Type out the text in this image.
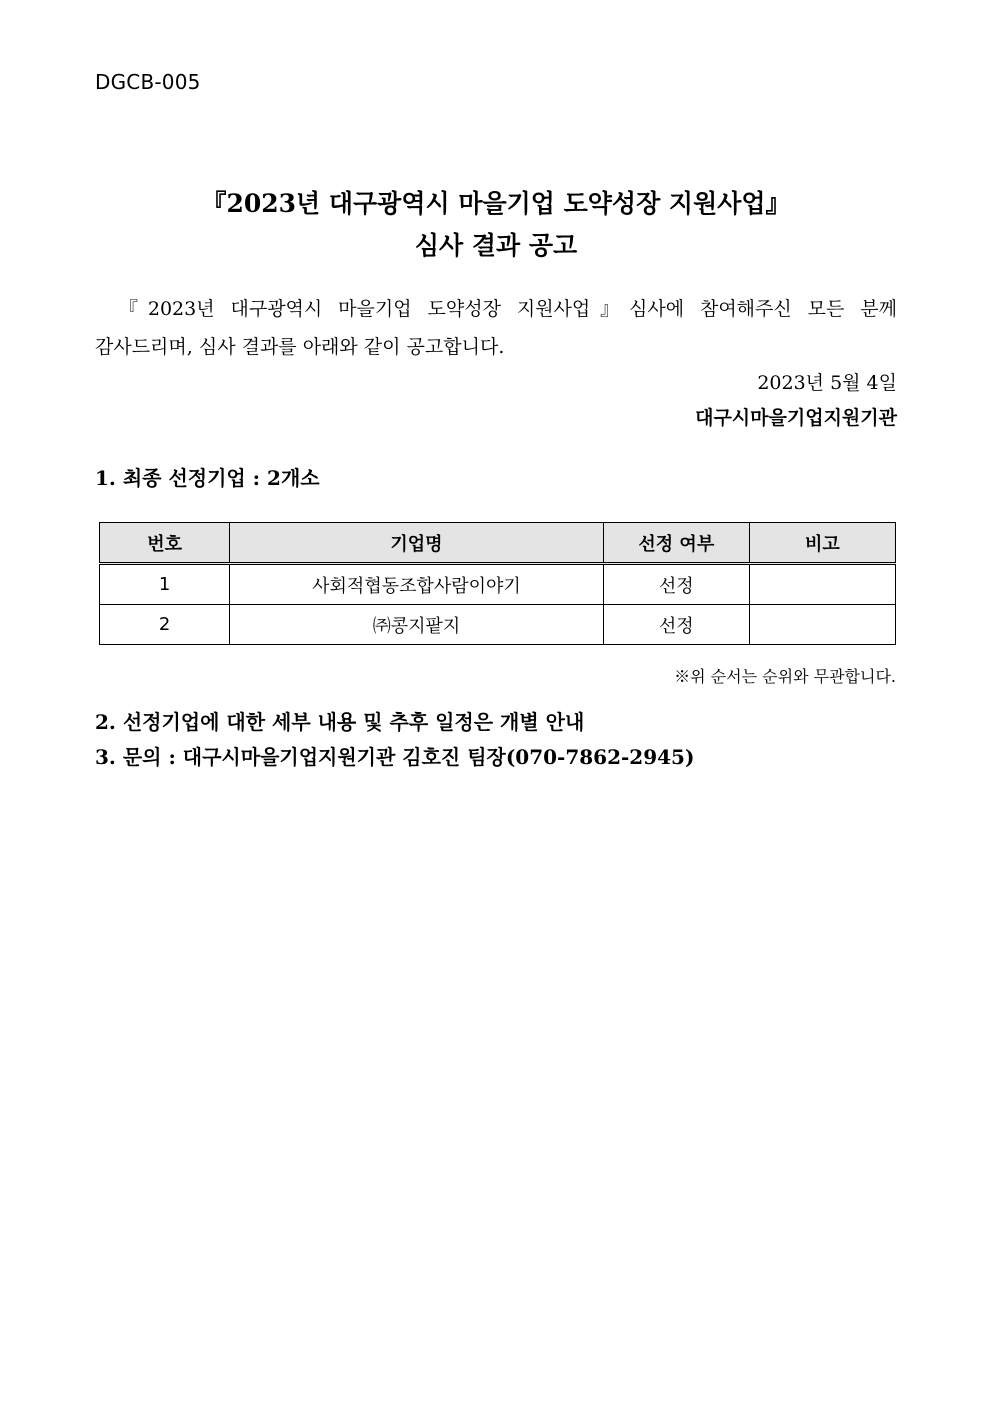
DGCB-005
『2023년 대구광역시 마을기업 도약성장 지원사업』
심사 결과 공고
『2023년 대구광역시 마을기업 도약성장 지원사업』심사에 참여해주신 모든 분께
감사드리며, 심사 결과를 아래와 같이 공고합니다.
2023년 5월 4일
대구시마을기업지원기관
1. 최종 선정기업 : 2개소
번호	기업명	선정 여부	비고
1	사회적협동조합사람이야기	선정	
2	㈜콩지팥지	선정	
※위 순서는 순위와 무관합니다.
2. 선정기업에 대한 세부 내용 및 추후 일정은 개별 안내
3. 문의 : 대구시마을기업지원기관 김호진 팀장(070-7862-2945)
